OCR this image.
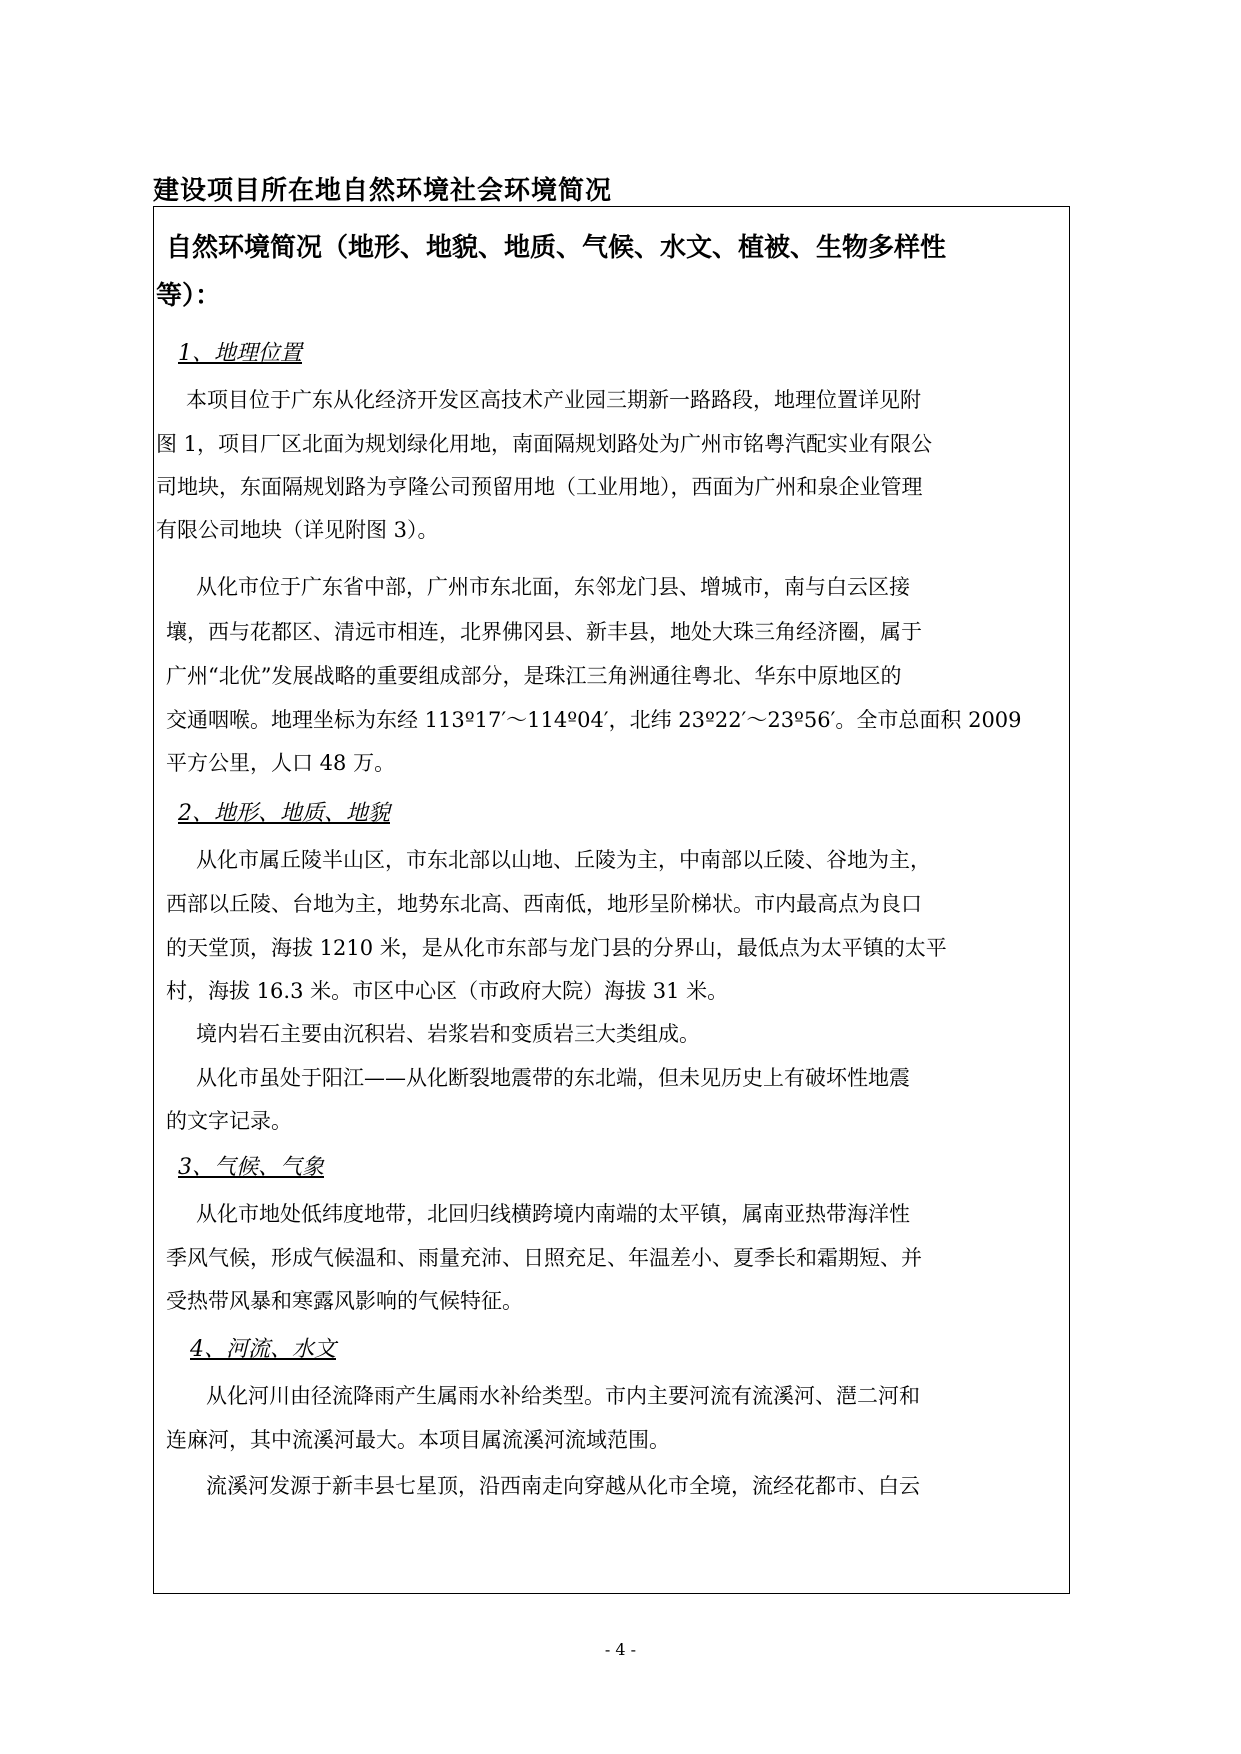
建设项目所在地自然环境社会环境简况
自然环境简况（地形、地貌、地质、气候、水文、植被、生物多样性
等）：
1、地理位置
本项目位于广东从化经济开发区高技术产业园三期新一路路段，地理位置详见附
图 1，项目厂区北面为规划绿化用地，南面隔规划路处为广州市铭粤汽配实业有限公
司地块，东面隔规划路为亨隆公司预留用地（工业用地），西面为广州和泉企业管理
有限公司地块（详见附图 3）。
从化市位于广东省中部，广州市东北面，东邻龙门县、增城市，南与白云区接
壤，西与花都区、清远市相连，北界佛冈县、新丰县，地处大珠三角经济圈，属于
广州“北优”发展战略的重要组成部分，是珠江三角洲通往粤北、华东中原地区的
交通咽喉。地理坐标为东经 113º17′～114º04′，北纬 23º22′～23º56′。全市总面积 2009
平方公里，人口 48 万。
2、地形、地质、地貌
从化市属丘陵半山区，市东北部以山地、丘陵为主，中南部以丘陵、谷地为主，
西部以丘陵、台地为主，地势东北高、西南低，地形呈阶梯状。市内最高点为良口
的天堂顶，海拔 1210 米，是从化市东部与龙门县的分界山，最低点为太平镇的太平
村，海拔 16.3 米。市区中心区（市政府大院）海拔 31 米。
境内岩石主要由沉积岩、岩浆岩和变质岩三大类组成。
从化市虽处于阳江——从化断裂地震带的东北端，但未见历史上有破坏性地震
的文字记录。
3、气候、气象
从化市地处低纬度地带，北回归线横跨境内南端的太平镇，属南亚热带海洋性
季风气候，形成气候温和、雨量充沛、日照充足、年温差小、夏季长和霜期短、并
受热带风暴和寒露风影响的气候特征。
4、河流、水文
从化河川由径流降雨产生属雨水补给类型。市内主要河流有流溪河、潖二河和
连麻河，其中流溪河最大。本项目属流溪河流域范围。
流溪河发源于新丰县七星顶，沿西南走向穿越从化市全境，流经花都市、白云
- 4 -
